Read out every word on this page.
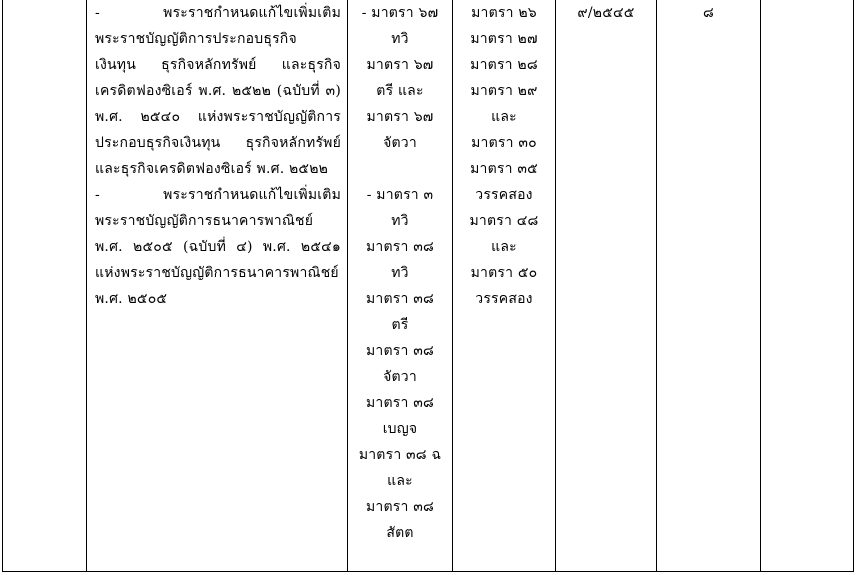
- พระราชกำหนดแก้ไขเพิ่มเติม
พระราชบัญญัติการประกอบธุรกิจ
เงินทุน ธุรกิจหลักทรัพย์ และธุรกิจ
เครดิตฟองซิเอร์ พ.ศ. ๒๕๒๒ (ฉบับที่ ๓)
พ.ศ. ๒๕๔๐ แห่งพระราชบัญญัติการ
ประกอบธุรกิจเงินทุน ธุรกิจหลักทรัพย์
และธุรกิจเครดิตฟองซิเอร์ พ.ศ. ๒๕๒๒
- พระราชกำหนดแก้ไขเพิ่มเติม
พระราชบัญญัติการธนาคารพาณิชย์
พ.ศ. ๒๕๐๕ (ฉบับที่ ๔) พ.ศ. ๒๕๔๑
แห่งพระราชบัญญัติการธนาคารพาณิชย์
พ.ศ. ๒๕๐๕
- มาตรา ๖๗
ทวิ
มาตรา ๖๗
ตรี และ
มาตรา ๖๗
จัตวา
- มาตรา ๓
ทวิ
มาตรา ๓๘
ทวิ
มาตรา ๓๘
ตรี
มาตรา ๓๘
จัตวา
มาตรา ๓๘
เบญจ
มาตรา ๓๘ ฉ
และ
มาตรา ๓๘
สัตต
มาตรา ๒๖
มาตรา ๒๗
มาตรา ๒๘
มาตรา ๒๙
และ
มาตรา ๓๐
มาตรา ๓๕
วรรคสอง
มาตรา ๔๘
และ
มาตรา ๕๐
วรรคสอง
๙/๒๕๔๕	๘
